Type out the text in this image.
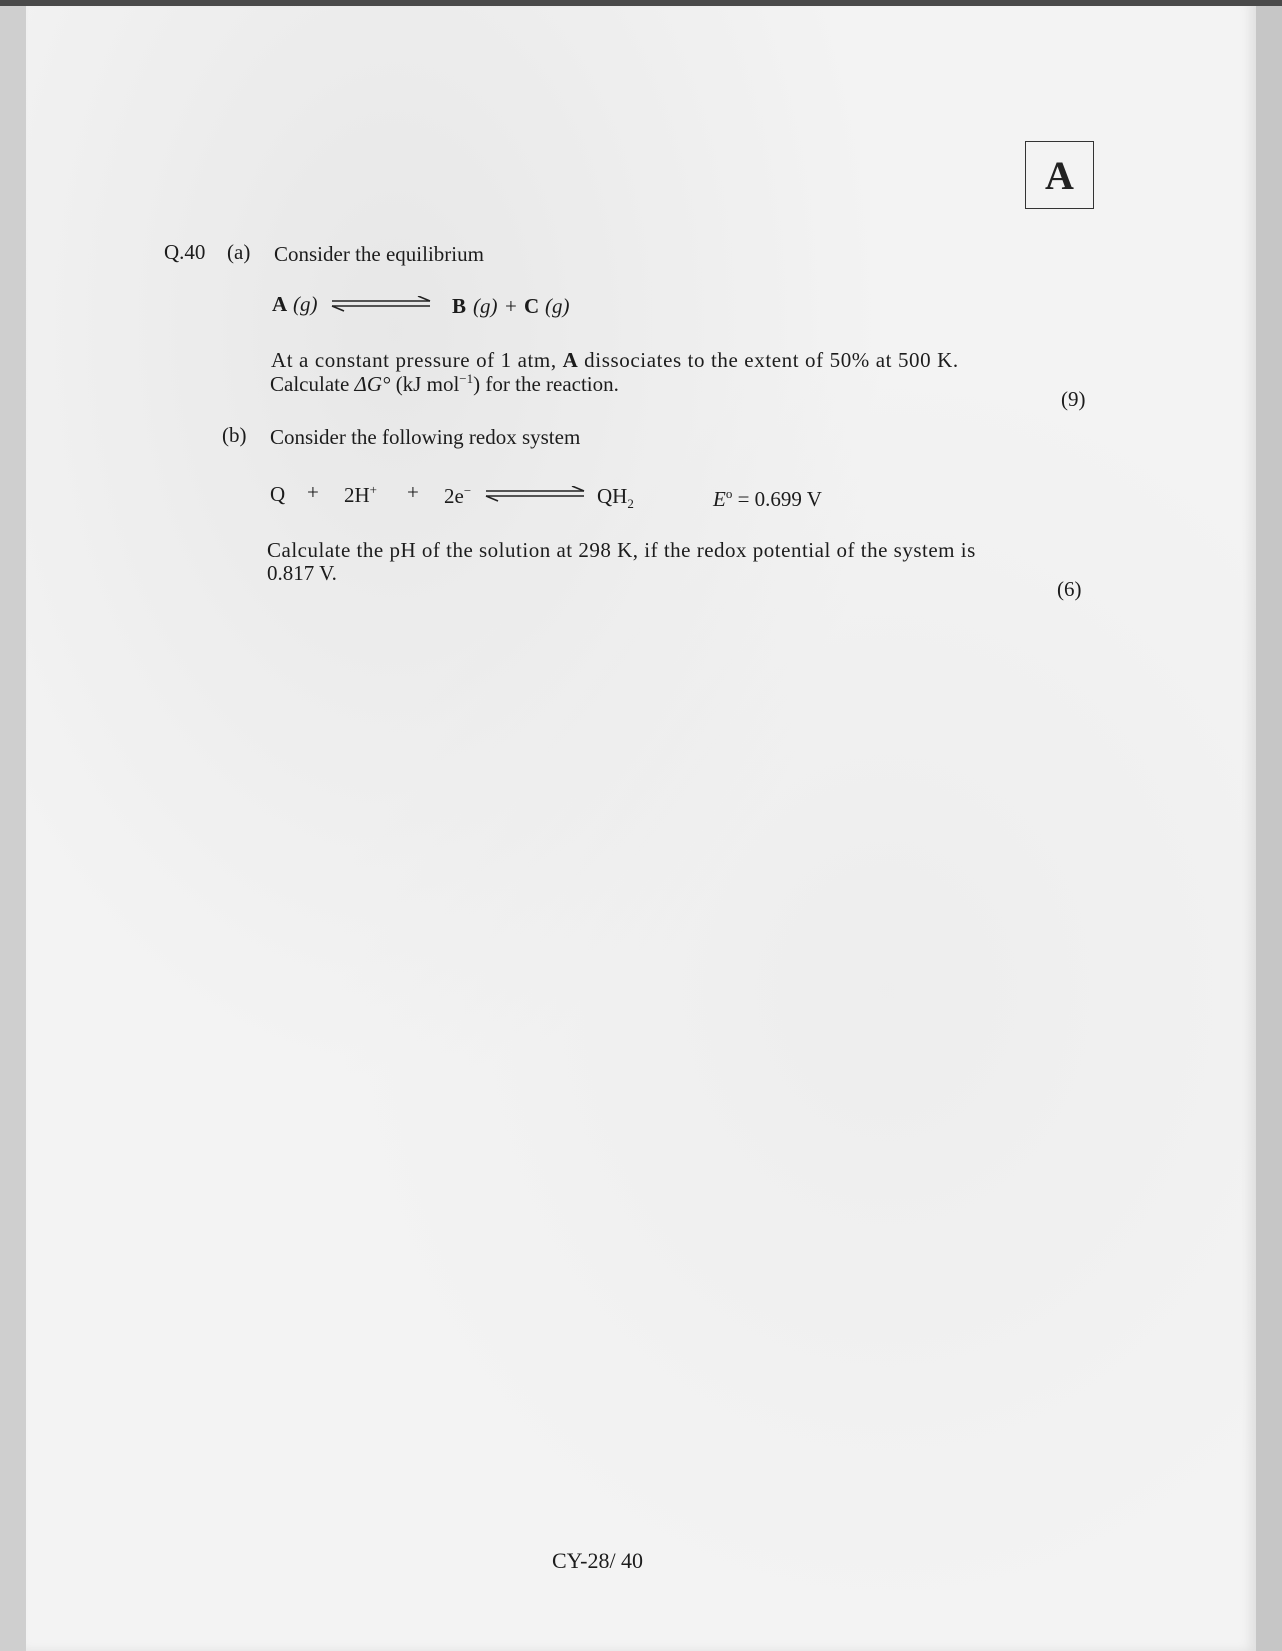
A
Q.40 (a) Consider the equilibrium
A (g)	B (g) + C (g)
At a constant pressure of 1 atm, A dissociates to the extent of 50% at 500 K.
Calculate ΔG° (kJ mol$^{-1}$) for the reaction.
(9)
(b) Consider the following redox system
Q + 2H+ + 2e−	$QH_2$	$E^o = 0.699$ V
Calculate the pH of the solution at 298 K, if the redox potential of the system is
0.817 V.
(6)
CY-28/ 40
